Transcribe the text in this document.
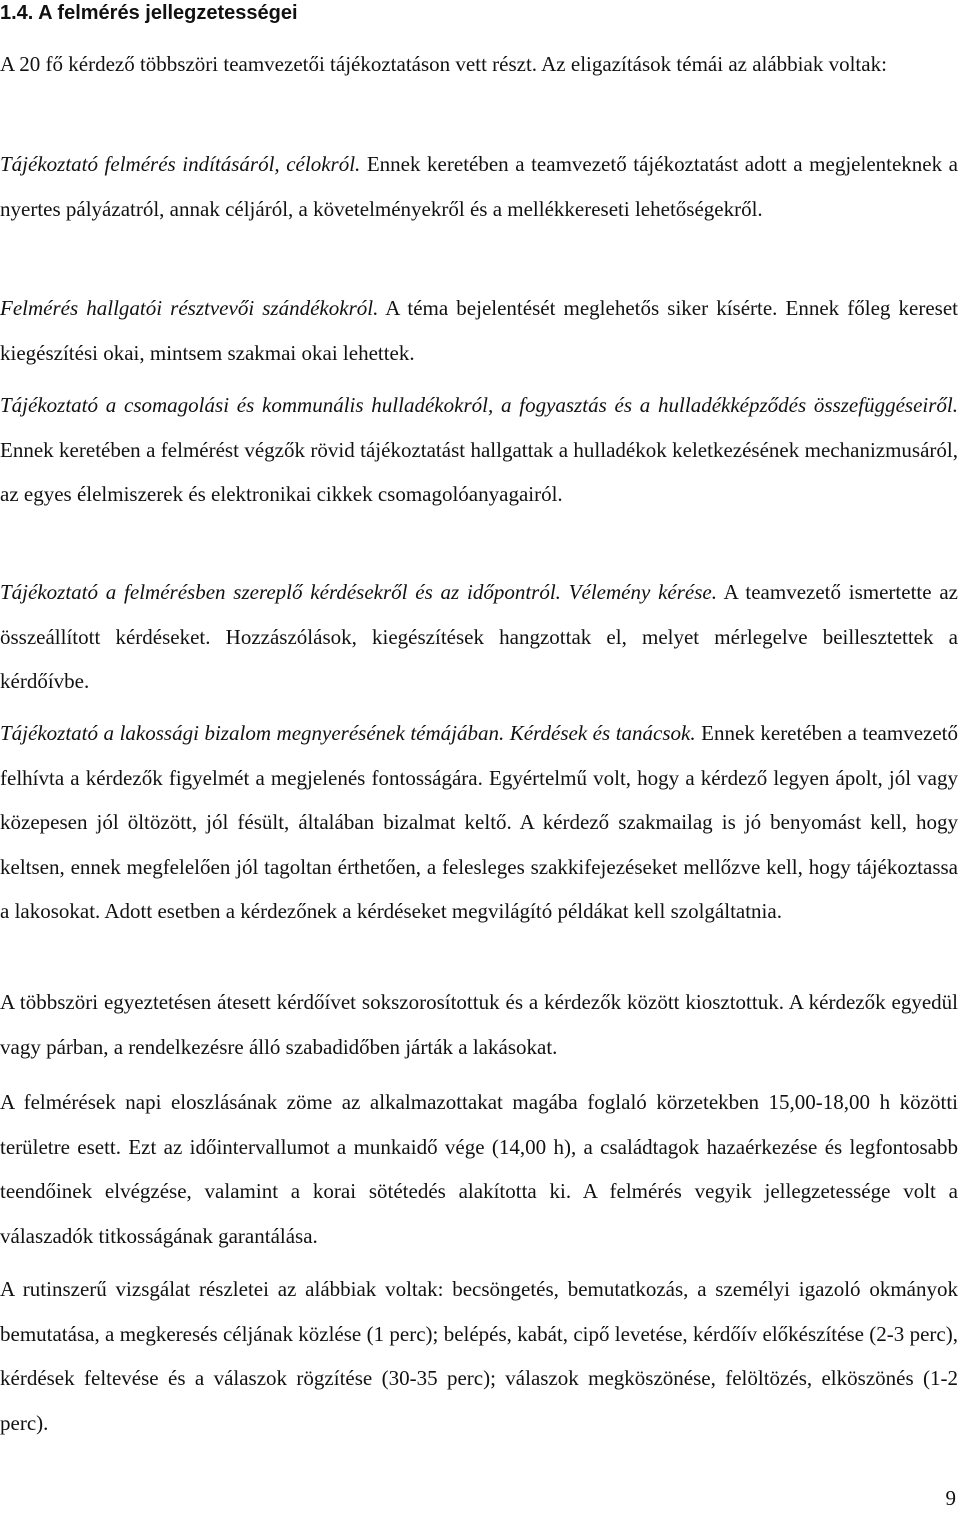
1.4. A felmérés jellegzetességei

A 20 fő kérdező többszöri teamvezetői tájékoztatáson vett részt. Az eligazítások témái az alábbiak voltak:

Tájékoztató felmérés indításáról, célokról. Ennek keretében a teamvezető tájékoztatást adott a megjelenteknek a nyertes pályázatról, annak céljáról, a követelményekről és a mellékkereseti lehetőségekről.

Felmérés hallgatói résztvevői szándékokról. A téma bejelentését meglehetős siker kísérte. Ennek főleg kereset kiegészítési okai, mintsem szakmai okai lehettek.

Tájékoztató a csomagolási és kommunális hulladékokról, a fogyasztás és a hulladékképződés összefüggéseiről. Ennek keretében a felmérést végzők rövid tájékoztatást hallgattak a hulladékok keletkezésének mechanizmusáról, az egyes élelmiszerek és elektronikai cikkek csomagolóanyagairól.

Tájékoztató a felmérésben szereplő kérdésekről és az időpontról. Vélemény kérése. A teamvezető ismertette az összeállított kérdéseket. Hozzászólások, kiegészítések hangzottak el, melyet mérlegelve beillesztettek a kérdőívbe.

Tájékoztató a lakossági bizalom megnyerésének témájában. Kérdések és tanácsok. Ennek keretében a teamvezető felhívta a kérdezők figyelmét a megjelenés fontosságára. Egyértelmű volt, hogy a kérdező legyen ápolt, jól vagy közepesen jól öltözött, jól fésült, általában bizalmat keltő. A kérdező szakmailag is jó benyomást kell, hogy keltsen, ennek megfelelően jól tagoltan érthetően, a felesleges szakkifejezéseket mellőzve kell, hogy tájékoztassa a lakosokat. Adott esetben a kérdezőnek a kérdéseket megvilágító példákat kell szolgáltatnia.

A többszöri egyeztetésen átesett kérdőívet sokszorosítottuk és a kérdezők között kiosztottuk. A kérdezők egyedül vagy párban, a rendelkezésre álló szabadidőben járták a lakásokat.

A felmérések napi eloszlásának zöme az alkalmazottakat magába foglaló körzetekben 15,00-18,00 h közötti területre esett. Ezt az időintervallumot a munkaidő vége (14,00 h), a családtagok hazaérkezése és legfontosabb teendőinek elvégzése, valamint a korai sötétedés alakította ki. A felmérés vegyik jellegzetessége volt a válaszadók titkosságának garantálása.

A rutinszerű vizsgálat részletei az alábbiak voltak: becsöngetés, bemutatkozás, a személyi igazoló okmányok bemutatása, a megkeresés céljának közlése (1 perc); belépés, kabát, cipő levetése, kérdőív előkészítése (2-3 perc), kérdések feltevése és a válaszok rögzítése (30-35 perc); válaszok megköszönése, felöltözés, elköszönés (1-2 perc).

9
